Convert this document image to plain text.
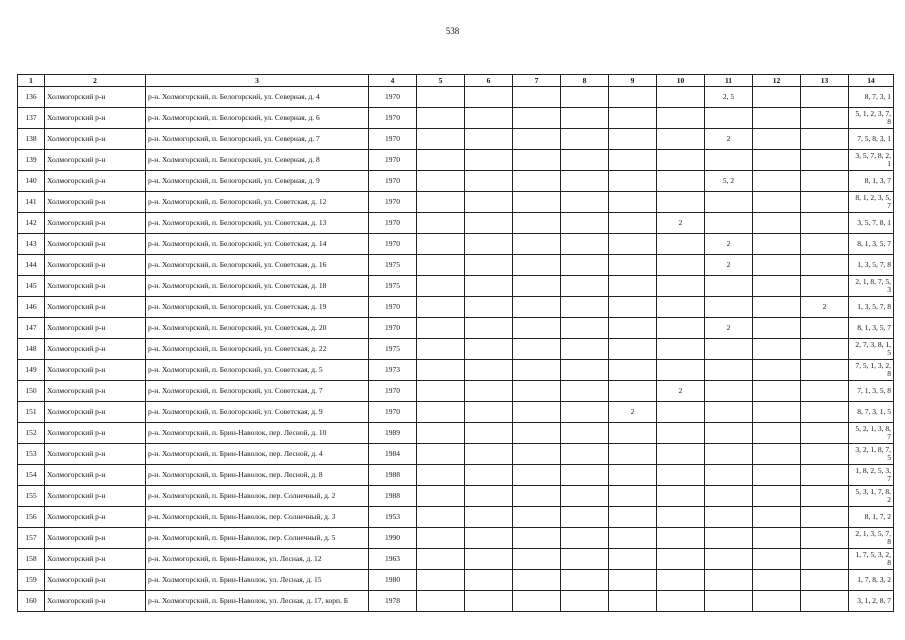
538
1	2	3	4	5	6	7	8	9	10	11	12	13	14
136	Холмогорский р-н	р-н. Холмогорский, п. Белогорский, ул. Северная, д. 4	1970							2, 5			8, 7, 3, 1
137	Холмогорский р-н	р-н. Холмогорский, п. Белогорский, ул. Северная, д. 6	1970										5, 1, 2, 3, 7, 8
138	Холмогорский р-н	р-н. Холмогорский, п. Белогорский, ул. Северная, д. 7	1970							2			7, 5, 8, 3, 1
139	Холмогорский р-н	р-н. Холмогорский, п. Белогорский, ул. Северная, д. 8	1970										3, 5, 7, 8, 2, 1
140	Холмогорский р-н	р-н. Холмогорский, п. Белогорский, ул. Северная, д. 9	1970							5, 2			8, 1, 3, 7
141	Холмогорский р-н	р-н. Холмогорский, п. Белогорский, ул. Советская, д. 12	1970										8, 1, 2, 3, 5, 7
142	Холмогорский р-н	р-н. Холмогорский, п. Белогорский, ул. Советская, д. 13	1970						2				3, 5, 7, 8, 1
143	Холмогорский р-н	р-н. Холмогорский, п. Белогорский, ул. Советская, д. 14	1970							2			8, 1, 3, 5, 7
144	Холмогорский р-н	р-н. Холмогорский, п. Белогорский, ул. Советская, д. 16	1975							2			1, 3, 5, 7, 8
145	Холмогорский р-н	р-н. Холмогорский, п. Белогорский, ул. Советская, д. 18	1975										2, 1, 8, 7, 5, 3
146	Холмогорский р-н	р-н. Холмогорский, п. Белогорский, ул. Советская, д. 19	1970									2	1, 3, 5, 7, 8
147	Холмогорский р-н	р-н. Холмогорский, п. Белогорский, ул. Советская, д. 20	1970							2			8, 1, 3, 5, 7
148	Холмогорский р-н	р-н. Холмогорский, п. Белогорский, ул. Советская, д. 22	1975										2, 7, 3, 8, 1, 5
149	Холмогорский р-н	р-н. Холмогорский, п. Белогорский, ул. Советская, д. 5	1973										7, 5, 1, 3, 2, 8
150	Холмогорский р-н	р-н. Холмогорский, п. Белогорский, ул. Советская, д. 7	1970						2				7, 1, 3, 5, 8
151	Холмогорский р-н	р-н. Холмогорский, п. Белогорский, ул. Советская, д. 9	1970					2					8, 7, 3, 1, 5
152	Холмогорский р-н	р-н. Холмогорский, п. Брин-Наволок, пер. Лесной, д. 10	1989										5, 2, 1, 3, 8, 7
153	Холмогорский р-н	р-н. Холмогорский, п. Брин-Наволок, пер. Лесной, д. 4	1984										3, 2, 1, 8, 7, 5
154	Холмогорский р-н	р-н. Холмогорский, п. Брин-Наволок, пер. Лесной, д. 8	1988										1, 8, 2, 5, 3, 7
155	Холмогорский р-н	р-н. Холмогорский, п. Брин-Наволок, пер. Солнечный, д. 2	1988										5, 3, 1, 7, 8, 2
156	Холмогорский р-н	р-н. Холмогорский, п. Брин-Наволок, пер. Солнечный, д. 3	1953										8, 1, 7, 2
157	Холмогорский р-н	р-н. Холмогорский, п. Брин-Наволок, пер. Солнечный, д. 5	1990										2, 1, 3, 5, 7, 8
158	Холмогорский р-н	р-н. Холмогорский, п. Брин-Наволок, ул. Лесная, д. 12	1963										1, 7, 5, 3, 2, 8
159	Холмогорский р-н	р-н. Холмогорский, п. Брин-Наволок, ул. Лесная, д. 15	1980										1, 7, 8, 3, 2
160	Холмогорский р-н	р-н. Холмогорский, п. Брин-Наволок, ул. Лесная, д. 17, корп. Б	1978										3, 1, 2, 8, 7
